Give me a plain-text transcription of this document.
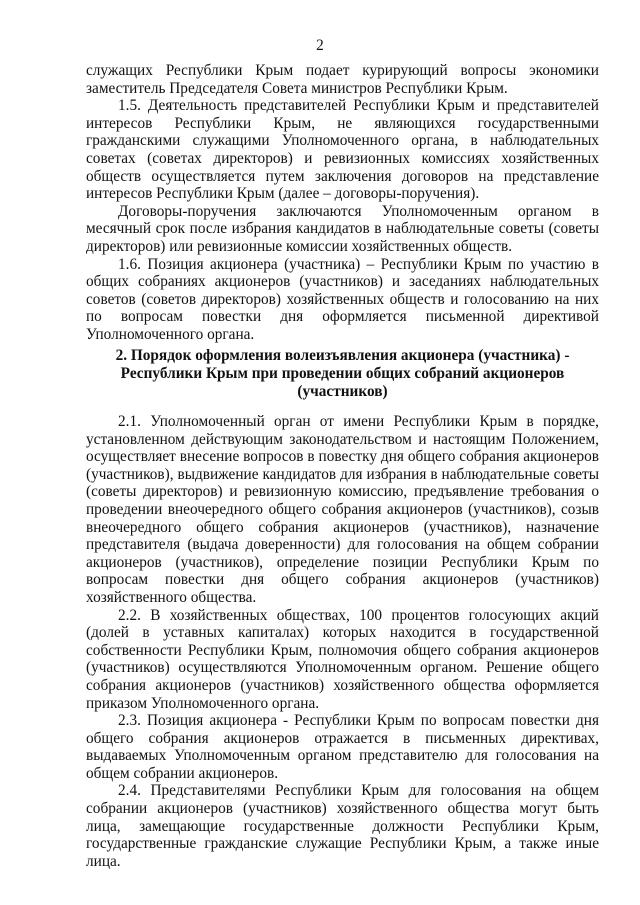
2

служащих Республики Крым подает курирующий вопросы экономики заместитель Председателя Совета министров Республики Крым.

1.5. Деятельность представителей Республики Крым и представителей интересов Республики Крым, не являющихся государственными гражданскими служащими Уполномоченного органа, в наблюдательных советах (советах директоров) и ревизионных комиссиях хозяйственных обществ осуществляется путем заключения договоров на представление интересов Республики Крым (далее – договоры-поручения).

Договоры-поручения заключаются Уполномоченным органом в месячный срок после избрания кандидатов в наблюдательные советы (советы директоров) или ревизионные комиссии хозяйственных обществ.

1.6. Позиция акционера (участника) – Республики Крым по участию в общих собраниях акционеров (участников) и заседаниях наблюдательных советов (советов директоров) хозяйственных обществ и голосованию на них по вопросам повестки дня оформляется письменной директивой Уполномоченного органа.

2. Порядок оформления волеизъявления акционера (участника) - Республики Крым при проведении общих собраний акционеров (участников)

2.1. Уполномоченный орган от имени Республики Крым в порядке, установленном действующим законодательством и настоящим Положением, осуществляет внесение вопросов в повестку дня общего собрания акционеров (участников), выдвижение кандидатов для избрания в наблюдательные советы (советы директоров) и ревизионную комиссию, предъявление требования о проведении внеочередного общего собрания акционеров (участников), созыв внеочередного общего собрания акционеров (участников), назначение представителя (выдача доверенности) для голосования на общем собрании акционеров (участников), определение позиции Республики Крым по вопросам повестки дня общего собрания акционеров (участников) хозяйственного общества.

2.2. В хозяйственных обществах, 100 процентов голосующих акций (долей в уставных капиталах) которых находится в государственной собственности Республики Крым, полномочия общего собрания акционеров (участников) осуществляются Уполномоченным органом. Решение общего собрания акционеров (участников) хозяйственного общества оформляется приказом Уполномоченного органа.

2.3. Позиция акционера - Республики Крым по вопросам повестки дня общего собрания акционеров отражается в письменных директивах, выдаваемых Уполномоченным органом представителю для голосования на общем собрании акционеров.

2.4. Представителями Республики Крым для голосования на общем собрании акционеров (участников) хозяйственного общества могут быть лица, замещающие государственные должности Республики Крым, государственные гражданские служащие Республики Крым, а также иные лица.
